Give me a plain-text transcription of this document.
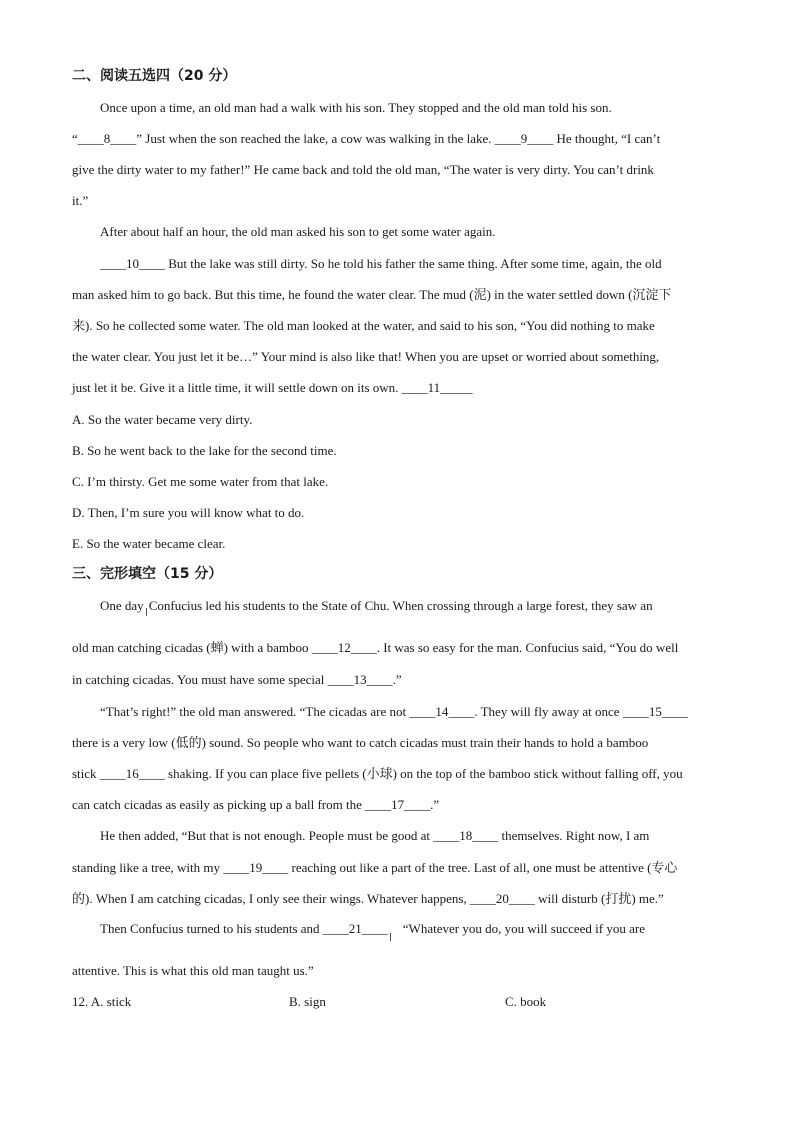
二、阅读五选四（20 分）
Once upon a time, an old man had a walk with his son. They stopped and the old man told his son.
“____8____” Just when the son reached the lake, a cow was walking in the lake. ____9____ He thought, “I can’t
give the dirty water to my father!” He came back and told the old man, “The water is very dirty. You can’t drink
it.”
After about half an hour, the old man asked his son to get some water again.
____10____ But the lake was still dirty. So he told his father the same thing. After some time, again, the old
man asked him to go back. But this time, he found the water clear. The mud (泥) in the water settled down (沉淀下
来). So he collected some water. The old man looked at the water, and said to his son, “You did nothing to make
the water clear. You just let it be…” Your mind is also like that! When you are upset or worried about something,
just let it be. Give it a little time, it will settle down on its own. ____11_____
A. So the water became very dirty.
B. So he went back to the lake for the second time.
C. I’m thirsty. Get me some water from that lake.
D. Then, I’m sure you will know what to do.
E. So the water became clear.
三、完形填空（15 分）
One day Confucius led his students to the State of Chu. When crossing through a large forest, they saw an
old man catching cicadas (蝉) with a bamboo ____12____. It was so easy for the man. Confucius said, “You do well
in catching cicadas. You must have some special ____13____.”
“That’s right!” the old man answered. “The cicadas are not ____14____. They will fly away at once ____15____
there is a very low (低的) sound. So people who want to catch cicadas must train their hands to hold a bamboo
stick ____16____ shaking. If you can place five pellets (小球) on the top of the bamboo stick without falling off, you
can catch cicadas as easily as picking up a ball from the ____17____.”
He then added, “But that is not enough. People must be good at ____18____ themselves. Right now, I am
standing like a tree, with my ____19____ reaching out like a part of the tree. Last of all, one must be attentive (专心
的). When I am catching cicadas, I only see their wings. Whatever happens, ____20____ will disturb (打扰) me.”
Then Confucius turned to his students and ____21____ “Whatever you do, you will succeed if you are
attentive. This is what this old man taught us.”
12. A. stick	B. sign	C. book
